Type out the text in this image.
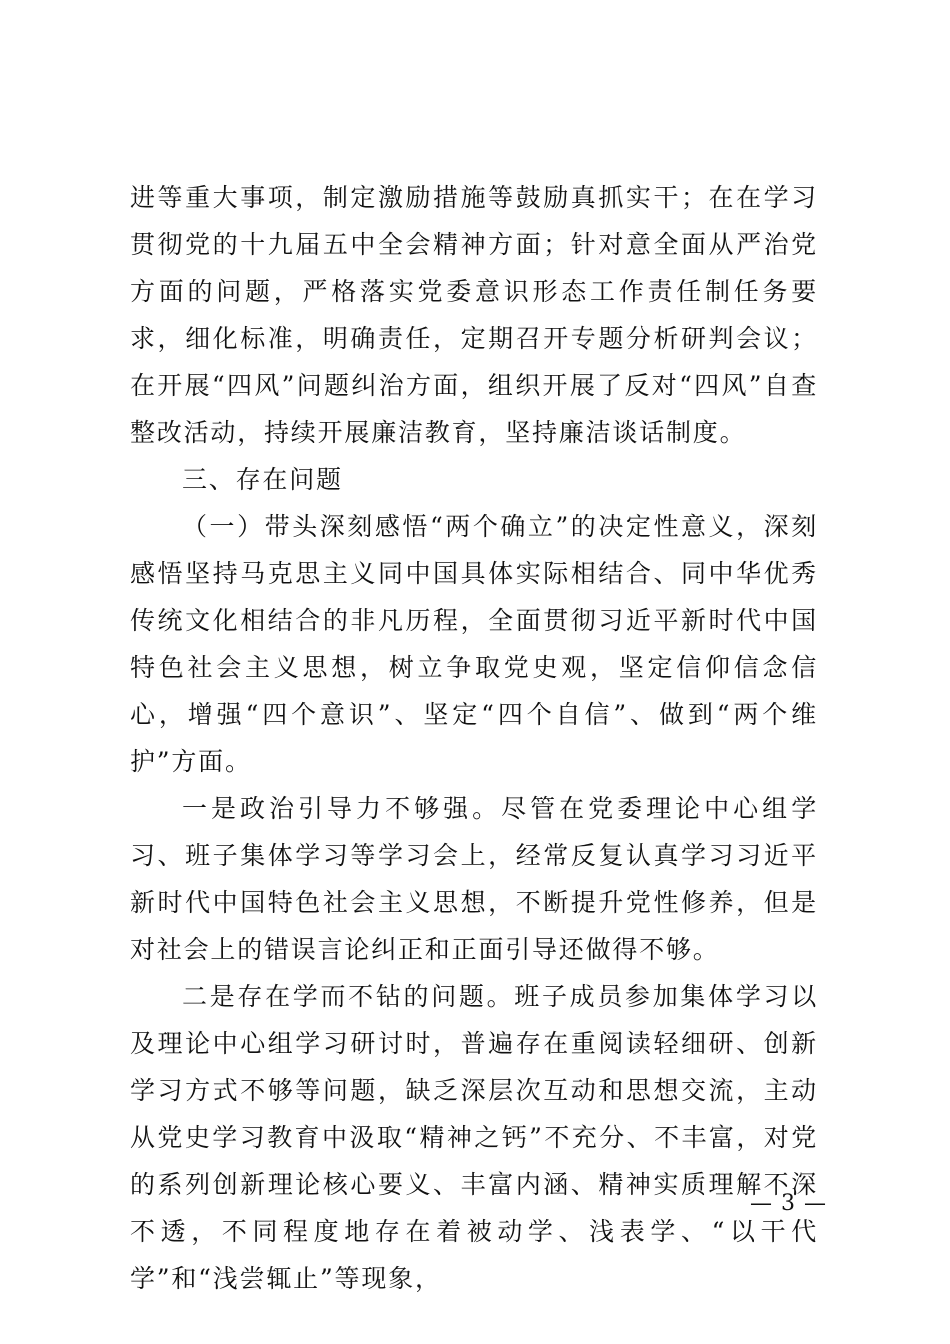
进等重大事项，制定激励措施等鼓励真抓实干；在在学习贯彻党的十九届五中全会精神方面；针对意全面从严治党方面的问题，严格落实党委意识形态工作责任制任务要求，细化标准，明确责任，定期召开专题分析研判会议；在开展“四风”问题纠治方面，组织开展了反对“四风”自查整改活动，持续开展廉洁教育，坚持廉洁谈话制度。

三、存在问题

（一）带头深刻感悟“两个确立”的决定性意义，深刻感悟坚持马克思主义同中国具体实际相结合、同中华优秀传统文化相结合的非凡历程，全面贯彻习近平新时代中国特色社会主义思想，树立争取党史观，坚定信仰信念信心，增强“四个意识”、坚定“四个自信”、做到“两个维护”方面。

一是政治引导力不够强。尽管在党委理论中心组学习、班子集体学习等学习会上，经常反复认真学习习近平新时代中国特色社会主义思想，不断提升党性修养，但是对社会上的错误言论纠正和正面引导还做得不够。

二是存在学而不钻的问题。班子成员参加集体学习以及理论中心组学习研讨时，普遍存在重阅读轻细研、创新学习方式不够等问题，缺乏深层次互动和思想交流，主动从党史学习教育中汲取“精神之钙”不充分、不丰富，对党的系列创新理论核心要义、丰富内涵、精神实质理解不深不透，不同程度地存在着被动学、浅表学、“以干代学”和“浅尝辄止”等现象，

— 3 —
